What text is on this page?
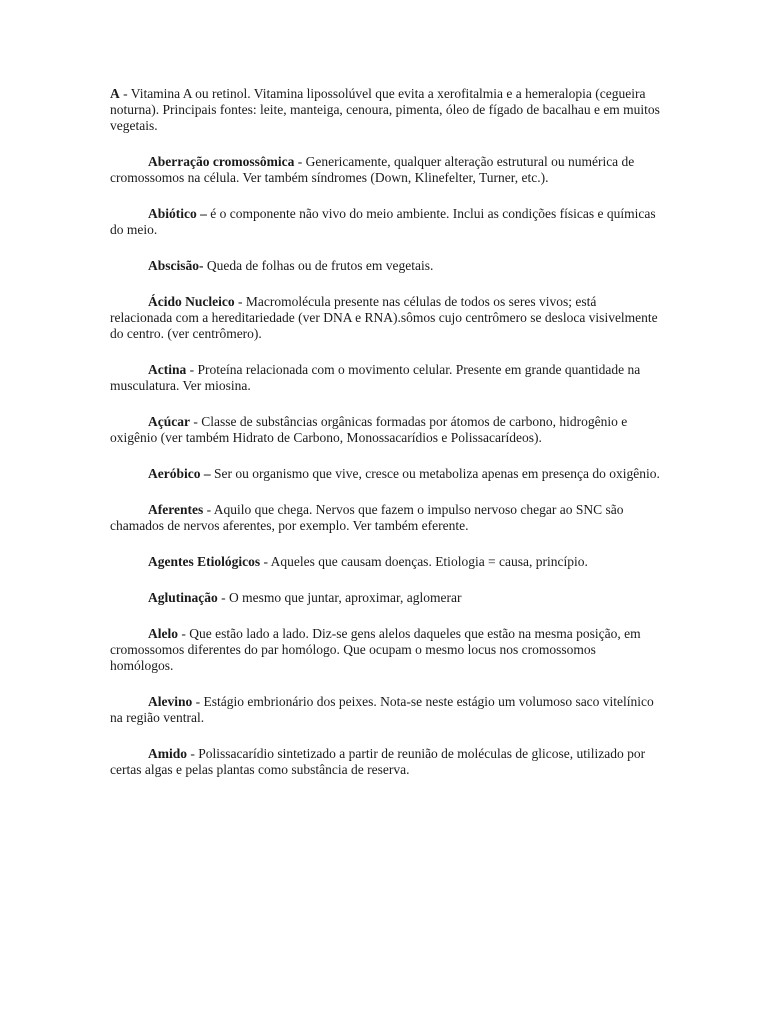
A - Vitamina A ou retinol. Vitamina lipossolúvel que evita a xerofitalmia e a hemeralopia (cegueira noturna). Principais fontes: leite, manteiga, cenoura, pimenta, óleo de fígado de bacalhau e em muitos vegetais.

Aberração cromossômica - Genericamente, qualquer alteração estrutural ou numérica de cromossomos na célula. Ver também síndromes (Down, Klinefelter, Turner, etc.).

Abiótico – é o componente não vivo do meio ambiente. Inclui as condições físicas e químicas do meio.

Abscisão- Queda de folhas ou de frutos em vegetais.

Ácido Nucleico - Macromolécula presente nas células de todos os seres vivos; está relacionada com a hereditariedade (ver DNA e RNA).sômos cujo centrômero se desloca visivelmente do centro. (ver centrômero).

Actina - Proteína relacionada com o movimento celular. Presente em grande quantidade na musculatura. Ver miosina.

Açúcar - Classe de substâncias orgânicas formadas por átomos de carbono, hidrogênio e oxigênio (ver também Hidrato de Carbono, Monossacarídios e Polissacarídeos).

Aeróbico – Ser ou organismo que vive, cresce ou metaboliza apenas em presença do oxigênio.

Aferentes - Aquilo que chega. Nervos que fazem o impulso nervoso chegar ao SNC são chamados de nervos aferentes, por exemplo. Ver também eferente.

Agentes Etiológicos - Aqueles que causam doenças. Etiologia = causa, princípio.

Aglutinação - O mesmo que juntar, aproximar, aglomerar

Alelo - Que estão lado a lado. Diz-se gens alelos daqueles que estão na mesma posição, em cromossomos diferentes do par homólogo. Que ocupam o mesmo locus nos cromossomos homólogos.

Alevino - Estágio embrionário dos peixes. Nota-se neste estágio um volumoso saco vitelínico na região ventral.

Amido - Polissacarídio sintetizado a partir de reunião de moléculas de glicose, utilizado por certas algas e pelas plantas como substância de reserva.
